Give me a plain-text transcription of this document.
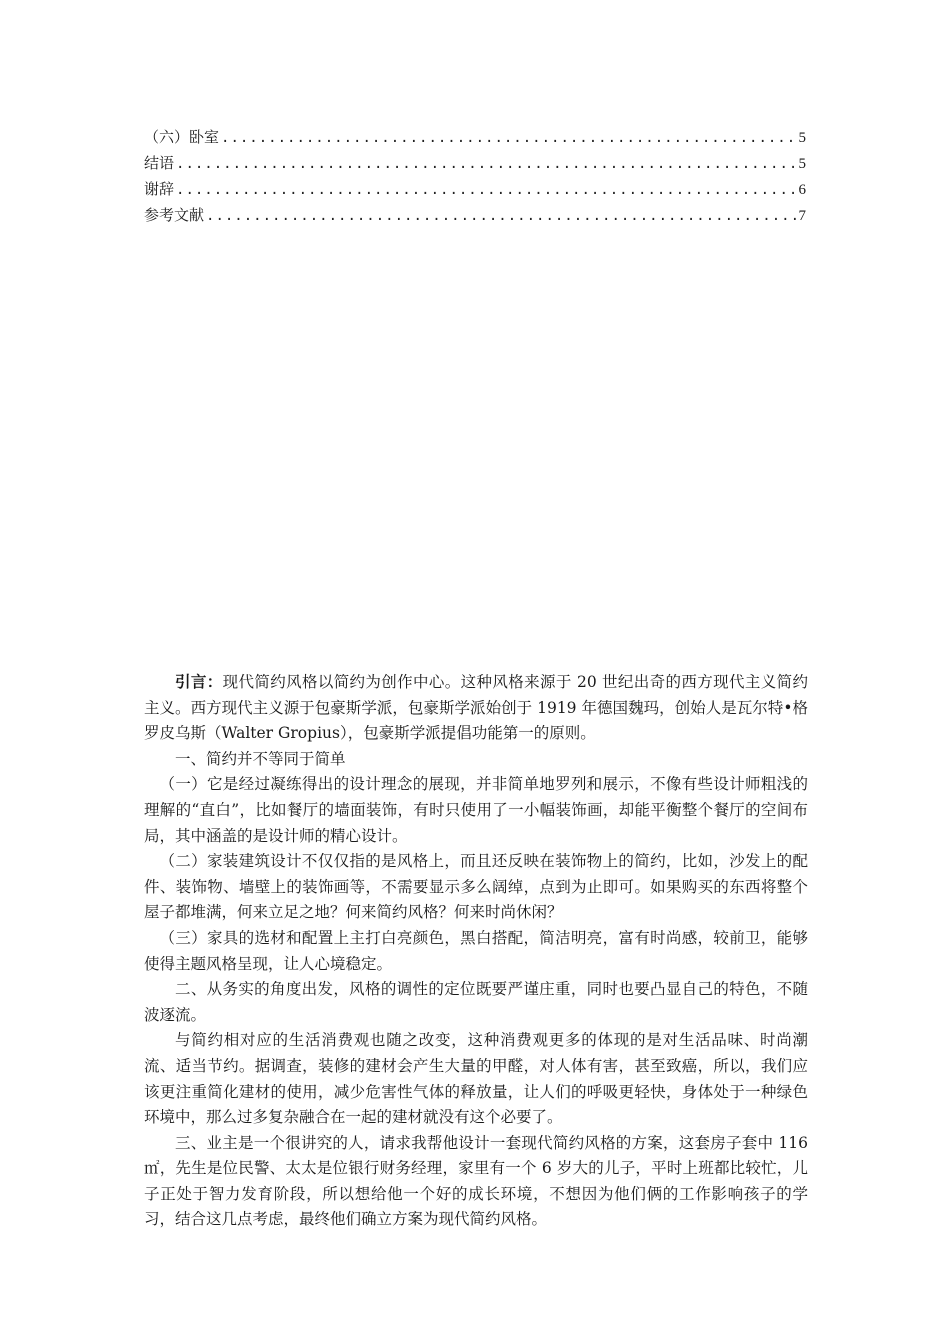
（六）卧室 .....	5
结语 .....	5
谢辞 .....	6
参考文献 .....	7

引言：现代简约风格以简约为创作中心。这种风格来源于 20 世纪出奇的西方现代主义简约主义。西方现代主义源于包豪斯学派，包豪斯学派始创于 1919 年德国魏玛，创始人是瓦尔特•格罗皮乌斯（Walter Gropius），包豪斯学派提倡功能第一的原则。

一、简约并不等同于简单

（一）它是经过凝练得出的设计理念的展现，并非简单地罗列和展示，不像有些设计师粗浅的理解的“直白”，比如餐厅的墙面装饰，有时只使用了一小幅装饰画，却能平衡整个餐厅的空间布局，其中涵盖的是设计师的精心设计。

（二）家装建筑设计不仅仅指的是风格上，而且还反映在装饰物上的简约，比如，沙发上的配件、装饰物、墙壁上的装饰画等，不需要显示多么阔绰，点到为止即可。如果购买的东西将整个屋子都堆满，何来立足之地？何来简约风格？何来时尚休闲？

（三）家具的选材和配置上主打白亮颜色，黑白搭配，简洁明亮，富有时尚感，较前卫，能够使得主题风格呈现，让人心境稳定。

二、从务实的角度出发，风格的调性的定位既要严谨庄重，同时也要凸显自己的特色，不随波逐流。

与简约相对应的生活消费观也随之改变，这种消费观更多的体现的是对生活品味、时尚潮流、适当节约。据调查，装修的建材会产生大量的甲醛，对人体有害，甚至致癌，所以，我们应该更注重简化建材的使用，减少危害性气体的释放量，让人们的呼吸更轻快，身体处于一种绿色环境中，那么过多复杂融合在一起的建材就没有这个必要了。

三、业主是一个很讲究的人，请求我帮他设计一套现代简约风格的方案，这套房子套中 116㎡，先生是位民警、太太是位银行财务经理，家里有一个 6 岁大的儿子，平时上班都比较忙，儿子正处于智力发育阶段，所以想给他一个好的成长环境，不想因为他们俩的工作影响孩子的学习，结合这几点考虑，最终他们确立方案为现代简约风格。
